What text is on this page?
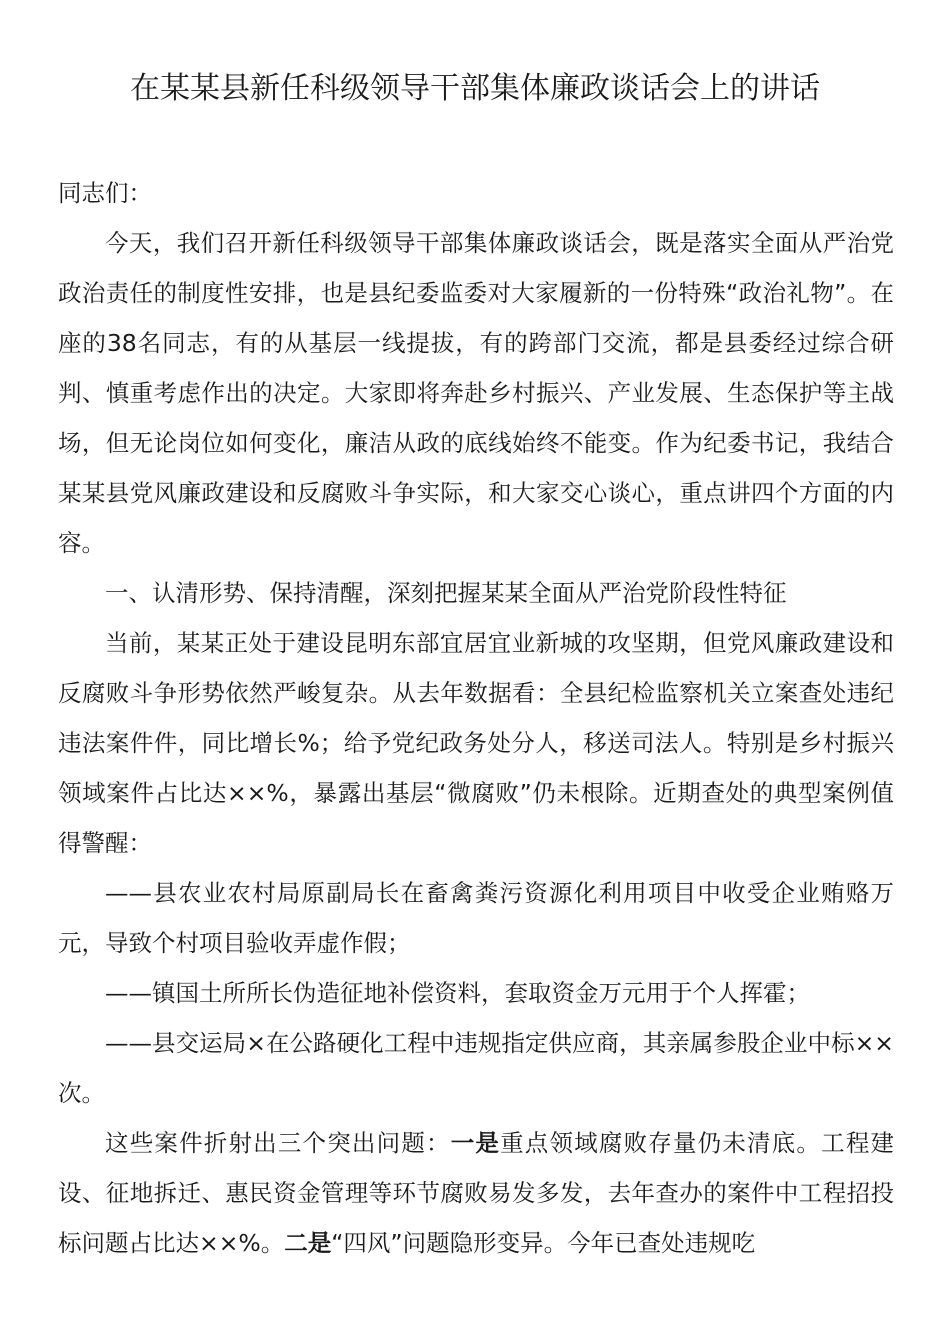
在某某县新任科级领导干部集体廉政谈话会上的讲话

同志们：

今天，我们召开新任科级领导干部集体廉政谈话会，既是落实全面从严治党政治责任的制度性安排，也是县纪委监委对大家履新的一份特殊“政治礼物”。在座的38名同志，有的从基层一线提拔，有的跨部门交流，都是县委经过综合研判、慎重考虑作出的决定。大家即将奔赴乡村振兴、产业发展、生态保护等主战场，但无论岗位如何变化，廉洁从政的底线始终不能变。作为纪委书记，我结合某某县党风廉政建设和反腐败斗争实际，和大家交心谈心，重点讲四个方面的内容。

一、认清形势、保持清醒，深刻把握某某全面从严治党阶段性特征

当前，某某正处于建设昆明东部宜居宜业新城的攻坚期，但党风廉政建设和反腐败斗争形势依然严峻复杂。从去年数据看：全县纪检监察机关立案查处违纪违法案件件，同比增长%；给予党纪政务处分人，移送司法人。特别是乡村振兴领域案件占比达××%，暴露出基层“微腐败”仍未根除。近期查处的典型案例值得警醒：

——县农业农村局原副局长在畜禽粪污资源化利用项目中收受企业贿赂万元，导致个村项目验收弄虚作假；

——镇国土所所长伪造征地补偿资料，套取资金万元用于个人挥霍；

——县交运局×在公路硬化工程中违规指定供应商，其亲属参股企业中标××次。

这些案件折射出三个突出问题：一是重点领域腐败存量仍未清底。工程建设、征地拆迁、惠民资金管理等环节腐败易发多发，去年查办的案件中工程招投标问题占比达××%。二是“四风”问题隐形变异。今年已查处违规吃
